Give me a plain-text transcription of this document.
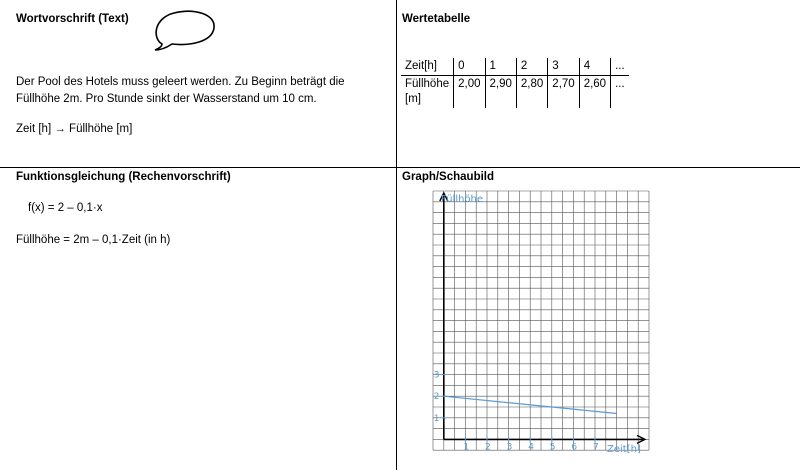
Wortvorschrift (Text)
Der Pool des Hotels muss geleert werden. Zu Beginn beträgt die
Füllhöhe 2m. Pro Stunde sinkt der Wasserstand um 10 cm.
Zeit [h] → Füllhöhe [m]
Wertetabelle
Zeit[h]	0	1	2	3	4	...

Füllhöhe
[m]	2,00	2,90	2,80	2,70	2,60	...
Funktionsgleichung (Rechenvorschrift)
f(x) = 2 – 0,1·x
Füllhöhe = 2m – 0,1·Zeit (in h)
Graph/Schaubild
1 2 3 4 5 6 7
1
2
3
Füllhöhe
Zeit[h]
